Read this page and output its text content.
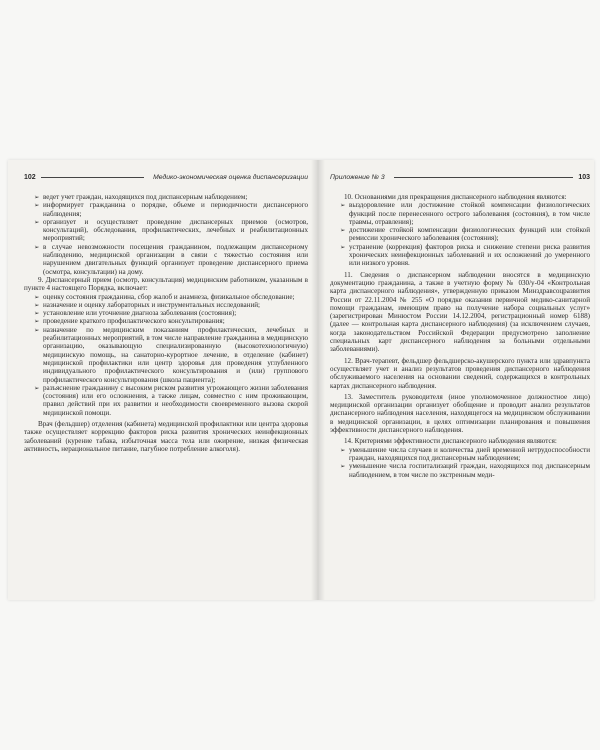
102	Медико-экономическая оценка диспансеризации
➢ ведет учет граждан, находящихся под диспансерным наблюдением;
➢ информирует гражданина о порядке, объеме и периодичности диспансерного наблюдения;
➢ организует и осуществляет проведение диспансерных приемов (осмотров, консультаций), обследования, профилактических, лечебных и реабилитационных мероприятий;
➢ в случае невозможности посещения гражданином, подлежащим диспансерному наблюдению, медицинской организации в связи с тяжестью состояния или нарушением двигательных функций организует проведение диспансерного приема (осмотра, консультации) на дому.

9. Диспансерный прием (осмотр, консультация) медицинским работником, указанным в пункте 4 настоящего Порядка, включает:

➢ оценку состояния гражданина, сбор жалоб и анамнеза, физикальное обследование;
➢ назначение и оценку лабораторных и инструментальных исследований;
➢ установление или уточнение диагноза заболевания (состояния);
➢ проведение краткого профилактического консультирования;
➢ назначение по медицинским показаниям профилактических, лечебных и реабилитационных мероприятий, в том числе направление гражданина в медицинскую организацию, оказывающую специализированную (высокотехнологичную) медицинскую помощь, на санаторно-курортное лечение, в отделение (кабинет) медицинской профилактики или центр здоровья для проведения углубленного индивидуального профилактического консультирования и (или) группового профилактического консультирования (школа пациента);
➢ разъяснение гражданину с высоким риском развития угрожающего жизни заболевания (состояния) или его осложнения, а также лицам, совместно с ним проживающим, правил действий при их развитии и необходимости своевременного вызова скорой медицинской помощи.

Врач (фельдшер) отделения (кабинета) медицинской профилактики или центра здоровья также осуществляет коррекцию факторов риска развития хронических неинфекционных заболеваний (курение табака, избыточная масса тела или ожирение, низкая физическая активность, нерациональное питание, пагубное потребление алкоголя).

Приложение № 3	103

10. Основаниями для прекращения диспансерного наблюдения являются:

➢ выздоровление или достижение стойкой компенсации физиологических функций после перенесенного острого заболевания (состояния), в том числе травмы, отравления);
➢ достижение стойкой компенсации физиологических функций или стойкой ремиссии хронического заболевания (состояния);
➢ устранение (коррекция) факторов риска и снижение степени риска развития хронических неинфекционных заболеваний и их осложнений до умеренного или низкого уровня.

11. Сведения о диспансерном наблюдении вносятся в медицинскую документацию гражданина, а также в учетную форму № 030/у-04 «Контрольная карта диспансерного наблюдения», утвержденную приказом Минздравсоцразвития России от 22.11.2004 № 255 «О порядке оказания первичной медико-санитарной помощи гражданам, имеющим право на получение набора социальных услуг» (зарегистрирован Минюстом России 14.12.2004, регистрационный номер 6188) (далее — контрольная карта диспансерного наблюдения) (за исключением случаев, когда законодательством Российской Федерации предусмотрено заполнение специальных карт диспансерного наблюдения за больными отдельными заболеваниями).

12. Врач-терапевт, фельдшер фельдшерско-акушерского пункта или здравпункта осуществляет учет и анализ результатов проведения диспансерного наблюдения обслуживаемого населения на основании сведений, содержащихся в контрольных картах диспансерного наблюдения.

13. Заместитель руководителя (иное уполномоченное должностное лицо) медицинской организации организует обобщение и проводит анализ результатов диспансерного наблюдения населения, находящегося на медицинском обслуживании в медицинской организации, в целях оптимизации планирования и повышения эффективности диспансерного наблюдения.

14. Критериями эффективности диспансерного наблюдения являются:

➢ уменьшение числа случаев и количества дней временной нетрудоспособности граждан, находящихся под диспансерным наблюдением;
➢ уменьшение числа госпитализаций граждан, находящихся под диспансерным наблюдением, в том числе по экстренным меди-
